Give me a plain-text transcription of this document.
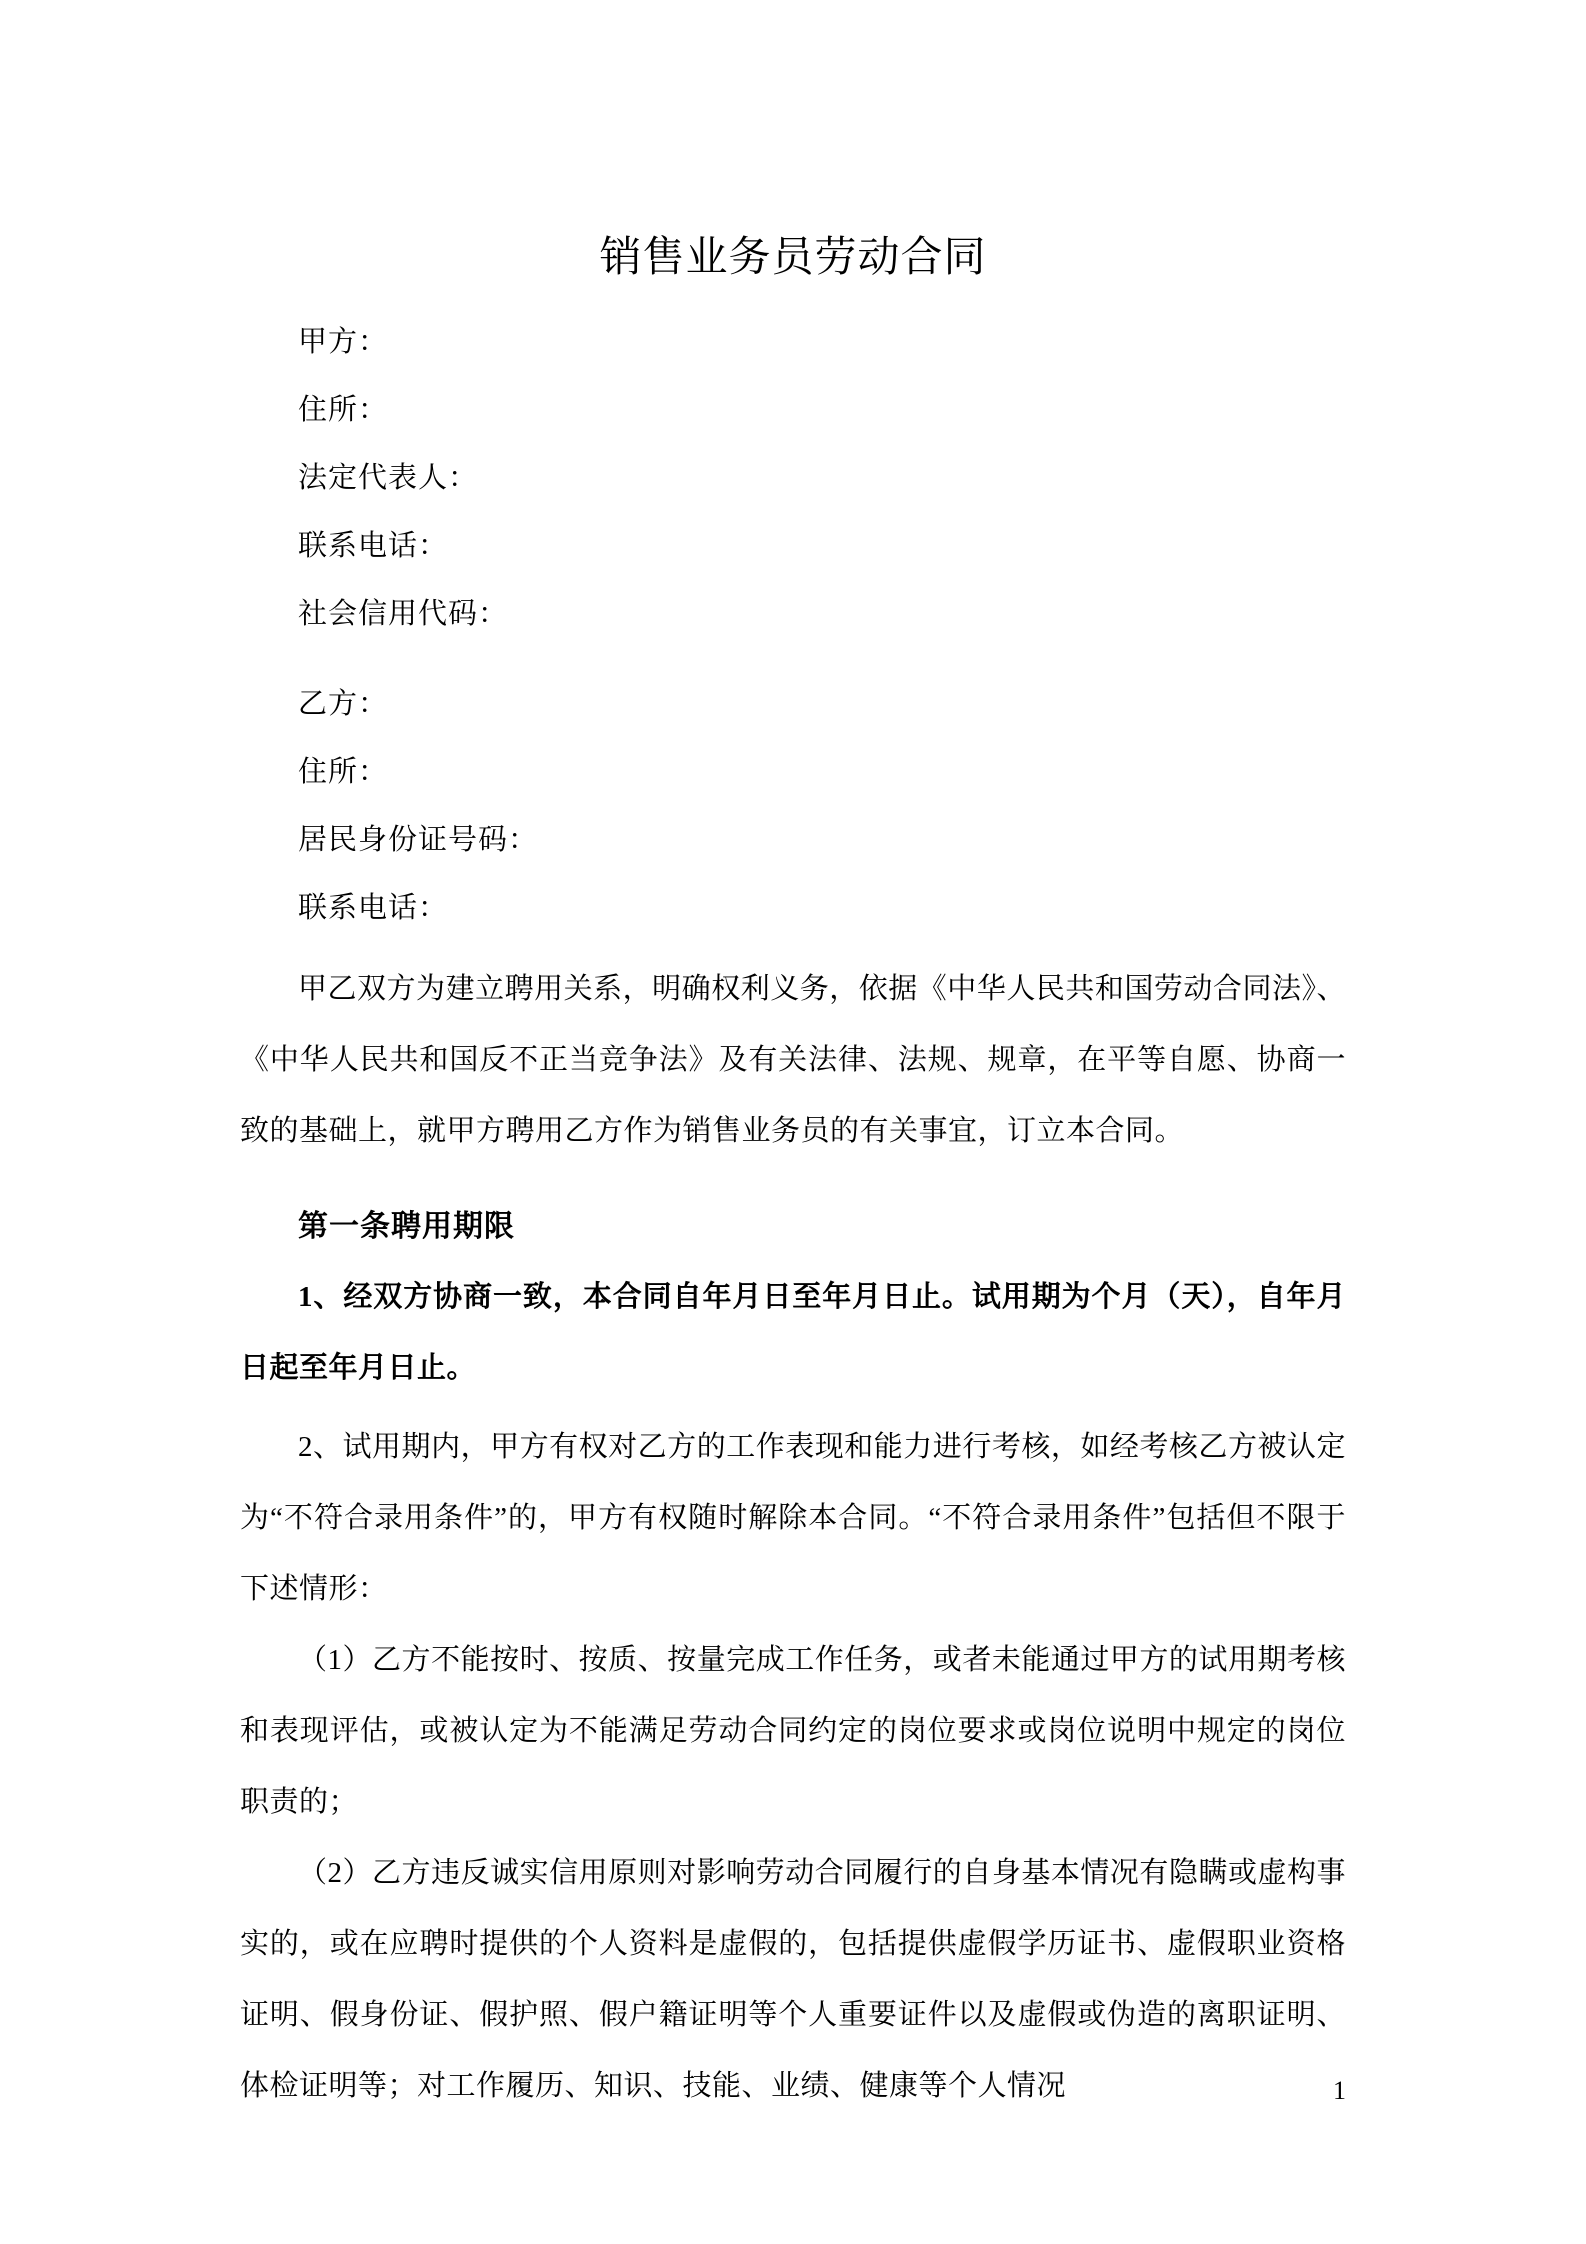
销售业务员劳动合同
甲方：
住所：
法定代表人：
联系电话：
社会信用代码：
乙方：
住所：
居民身份证号码：
联系电话：

甲乙双方为建立聘用关系，明确权利义务，依据《中华人民共和国劳动合同法》、《中华人民共和国反不正当竞争法》及有关法律、法规、规章，在平等自愿、协商一致的基础上，就甲方聘用乙方作为销售业务员的有关事宜，订立本合同。

第一条聘用期限

1、经双方协商一致，本合同自年月日至年月日止。试用期为个月（天），自年月日起至年月日止。

2、试用期内，甲方有权对乙方的工作表现和能力进行考核，如经考核乙方被认定为“不符合录用条件”的，甲方有权随时解除本合同。“不符合录用条件”包括但不限于下述情形：

（1）乙方不能按时、按质、按量完成工作任务，或者未能通过甲方的试用期考核和表现评估，或被认定为不能满足劳动合同约定的岗位要求或岗位说明中规定的岗位职责的；

（2）乙方违反诚实信用原则对影响劳动合同履行的自身基本情况有隐瞒或虚构事实的，或在应聘时提供的个人资料是虚假的，包括提供虚假学历证书、虚假职业资格证明、假身份证、假护照、假户籍证明等个人重要证件以及虚假或伪造的离职证明、体检证明等；对工作履历、知识、技能、业绩、健康等个人情况	1
